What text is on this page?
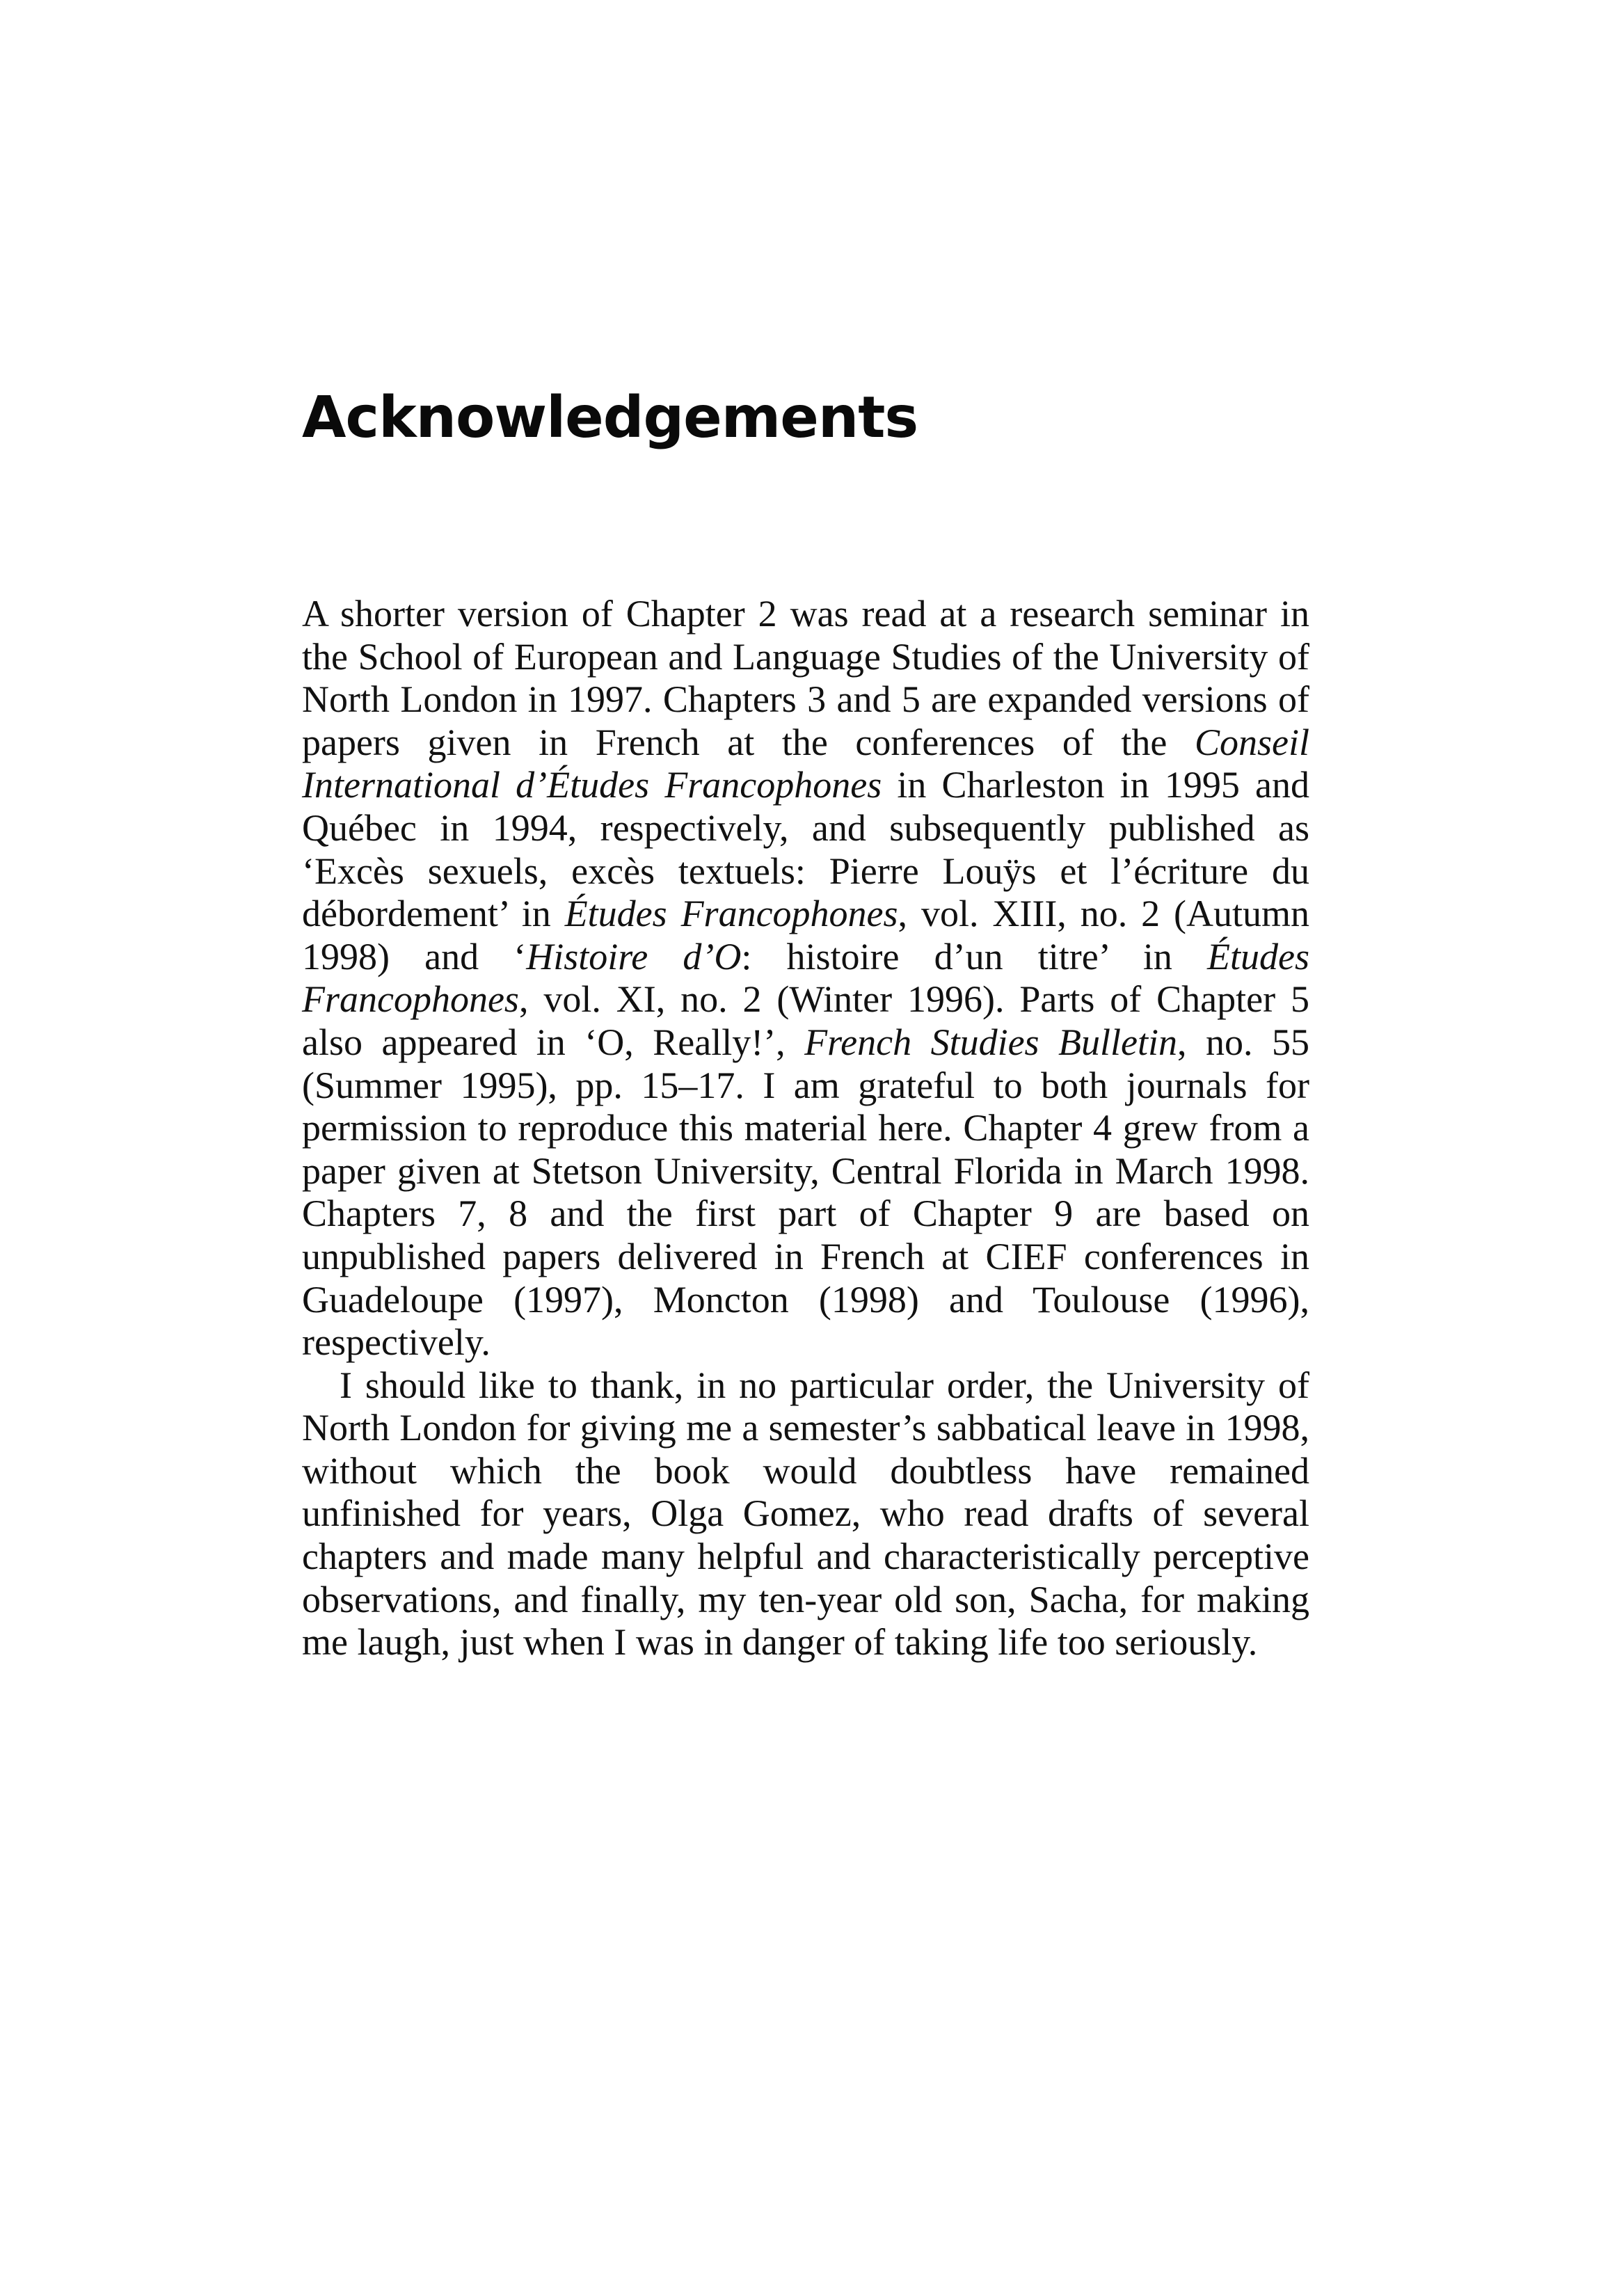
Acknowledgements

A shorter version of Chapter 2 was read at a research seminar in the School of European and Language Studies of the University of North London in 1997. Chapters 3 and 5 are expanded versions of papers given in French at the conferences of the Conseil International d’Études Francophones in Charleston in 1995 and Québec in 1994, respectively, and subsequently published as ‘Excès sexuels, excès textuels: Pierre Louÿs et l’écriture du débordement’ in Études Francophones, vol. XIII, no. 2 (Autumn 1998) and ‘Histoire d’O: histoire d’un titre’ in Études Francophones, vol. XI, no. 2 (Winter 1996). Parts of Chapter 5 also appeared in ‘O, Really!’, French Studies Bulletin, no. 55 (Summer 1995), pp. 15–17. I am grateful to both journals for permission to reproduce this material here. Chapter 4 grew from a paper given at Stetson University, Central Florida in March 1998. Chapters 7, 8 and the first part of Chapter 9 are based on unpublished papers delivered in French at CIEF conferences in Guadeloupe (1997), Moncton (1998) and Toulouse (1996), respectively.

I should like to thank, in no particular order, the University of North London for giving me a semester’s sabbatical leave in 1998, without which the book would doubtless have remained unfinished for years, Olga Gomez, who read drafts of several chapters and made many helpful and characteristically perceptive observations, and finally, my ten-year old son, Sacha, for making me laugh, just when I was in danger of taking life too seriously.
